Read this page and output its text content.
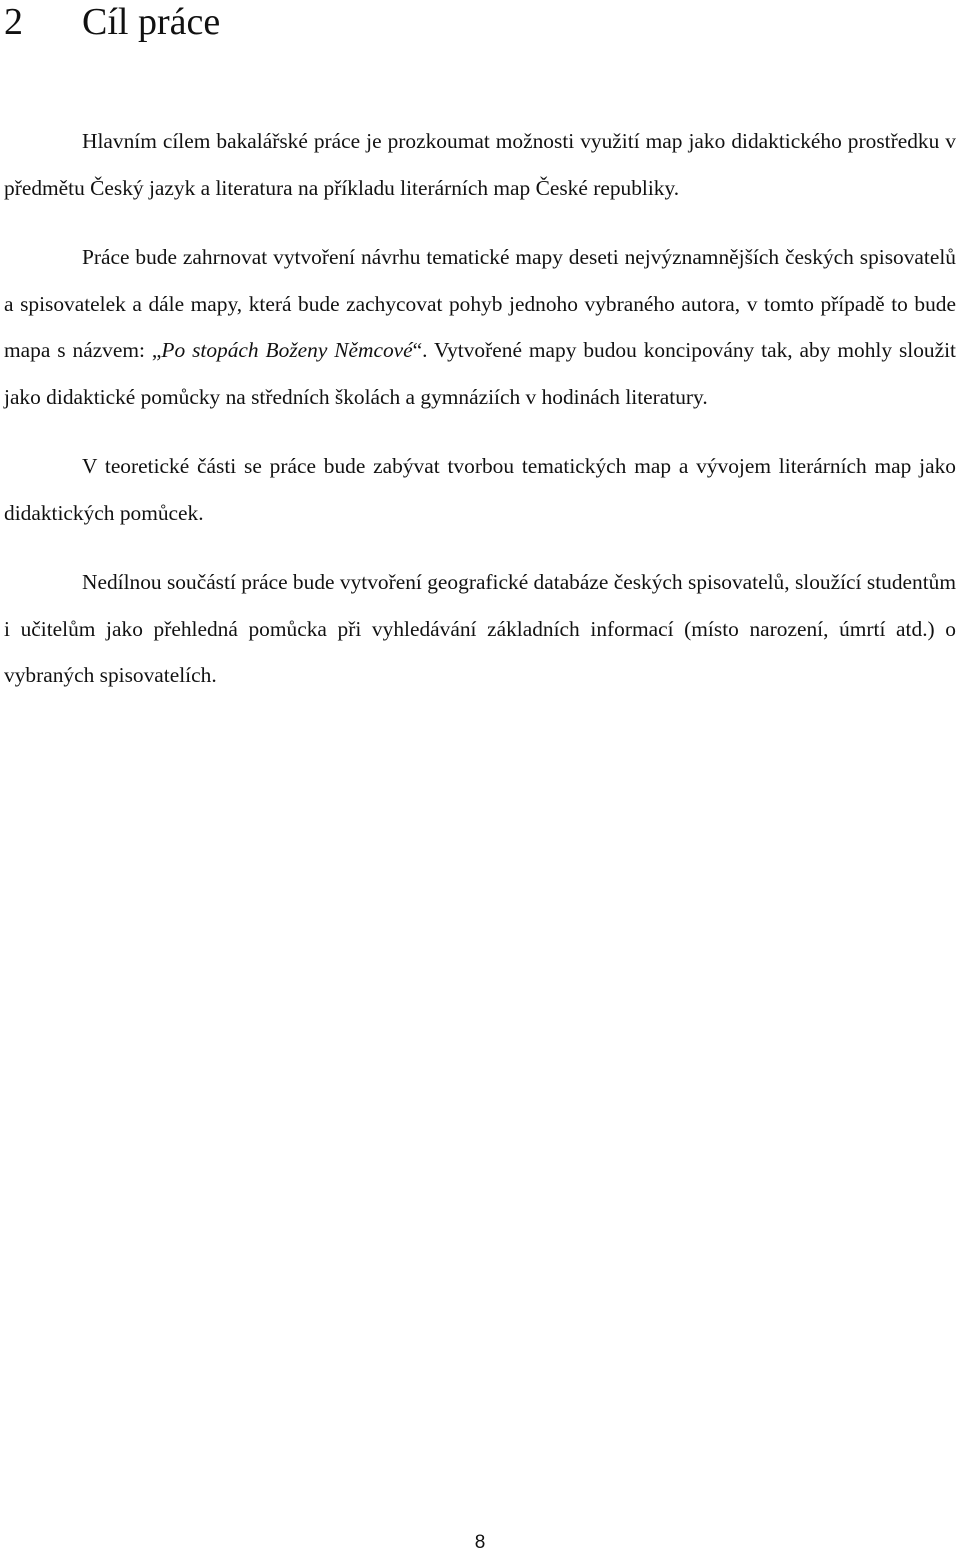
2 Cíl práce

Hlavním cílem bakalářské práce je prozkoumat možnosti využití map jako didaktického prostředku v předmětu Český jazyk a literatura na příkladu literárních map České republiky.

Práce bude zahrnovat vytvoření návrhu tematické mapy deseti nejvýznamnějších českých spisovatelů a spisovatelek a dále mapy, která bude zachycovat pohyb jednoho vybraného autora, v tomto případě to bude mapa s názvem: „Po stopách Boženy Němcové“. Vytvořené mapy budou koncipovány tak, aby mohly sloužit jako didaktické pomůcky na středních školách a gymnáziích v hodinách literatury.

V teoretické části se práce bude zabývat tvorbou tematických map a vývojem literárních map jako didaktických pomůcek.

Nedílnou součástí práce bude vytvoření geografické databáze českých spisovatelů, sloužící studentům i učitelům jako přehledná pomůcka při vyhledávání základních informací (místo narození, úmrtí atd.) o vybraných spisovatelích.

8
